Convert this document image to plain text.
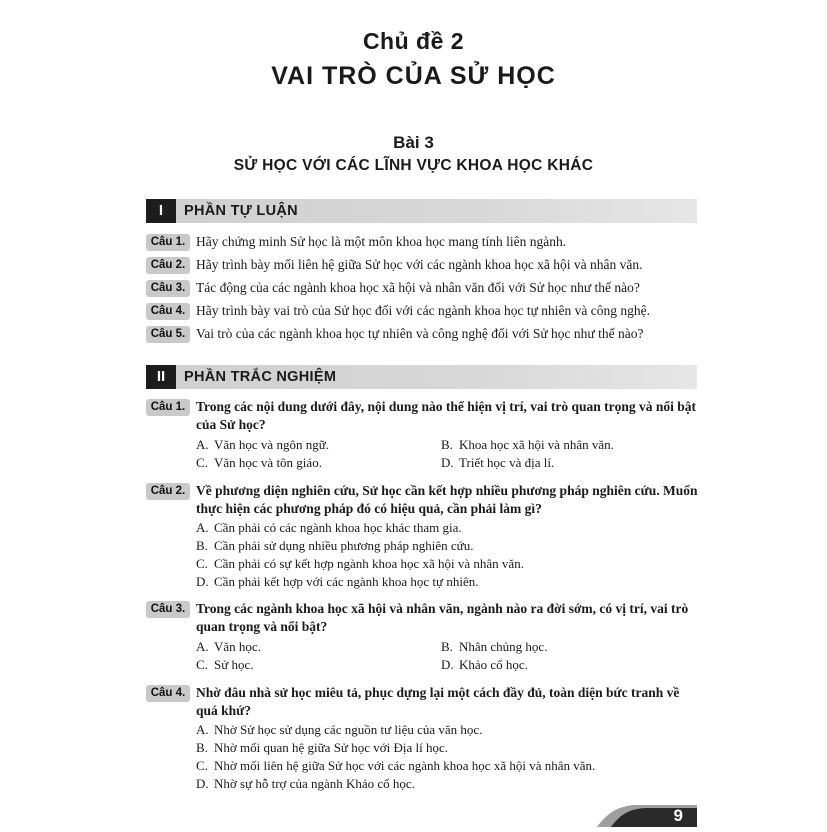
Chủ đề 2
VAI TRÒ CỦA SỬ HỌC
Bài 3
SỬ HỌC VỚI CÁC LĨNH VỰC KHOA HỌC KHÁC
I	PHẦN TỰ LUẬN
Câu 1. Hãy chứng minh Sử học là một môn khoa học mang tính liên ngành.
Câu 2. Hãy trình bày mối liên hệ giữa Sử học với các ngành khoa học xã hội và nhân văn.
Câu 3. Tác động của các ngành khoa học xã hội và nhân văn đối với Sử học như thế nào?
Câu 4. Hãy trình bày vai trò của Sử học đối với các ngành khoa học tự nhiên và công nghệ.
Câu 5. Vai trò của các ngành khoa học tự nhiên và công nghệ đối với Sử học như thế nào?
II	PHẦN TRẮC NGHIỆM
Câu 1. Trong các nội dung dưới đây, nội dung nào thể hiện vị trí, vai trò quan trọng và nổi bật
của Sử học?
A. Văn học và ngôn ngữ.	B. Khoa học xã hội và nhân văn.
C. Văn học và tôn giáo.	D. Triết học và địa lí.
Câu 2. Về phương diện nghiên cứu, Sử học cần kết hợp nhiều phương pháp nghiên cứu. Muốn
thực hiện các phương pháp đó có hiệu quả, cần phải làm gì?
A. Cần phải có các ngành khoa học khác tham gia.
B. Cần phải sử dụng nhiều phương pháp nghiên cứu.
C. Cần phải có sự kết hợp ngành khoa học xã hội và nhân văn.
D. Cần phải kết hợp với các ngành khoa học tự nhiên.
Câu 3. Trong các ngành khoa học xã hội và nhân văn, ngành nào ra đời sớm, có vị trí, vai trò
quan trọng và nổi bật?
A. Văn học.	B. Nhân chủng học.
C. Sử học.	D. Khảo cổ học.
Câu 4. Nhờ đâu nhà sử học miêu tả, phục dựng lại một cách đầy đủ, toàn diện bức tranh về
quá khứ?
A. Nhờ Sử học sử dụng các nguồn tư liệu của văn học.
B. Nhờ mối quan hệ giữa Sử học với Địa lí học.
C. Nhờ mối liên hệ giữa Sử học với các ngành khoa học xã hội và nhân văn.
D. Nhờ sự hỗ trợ của ngành Khảo cổ học.
9
